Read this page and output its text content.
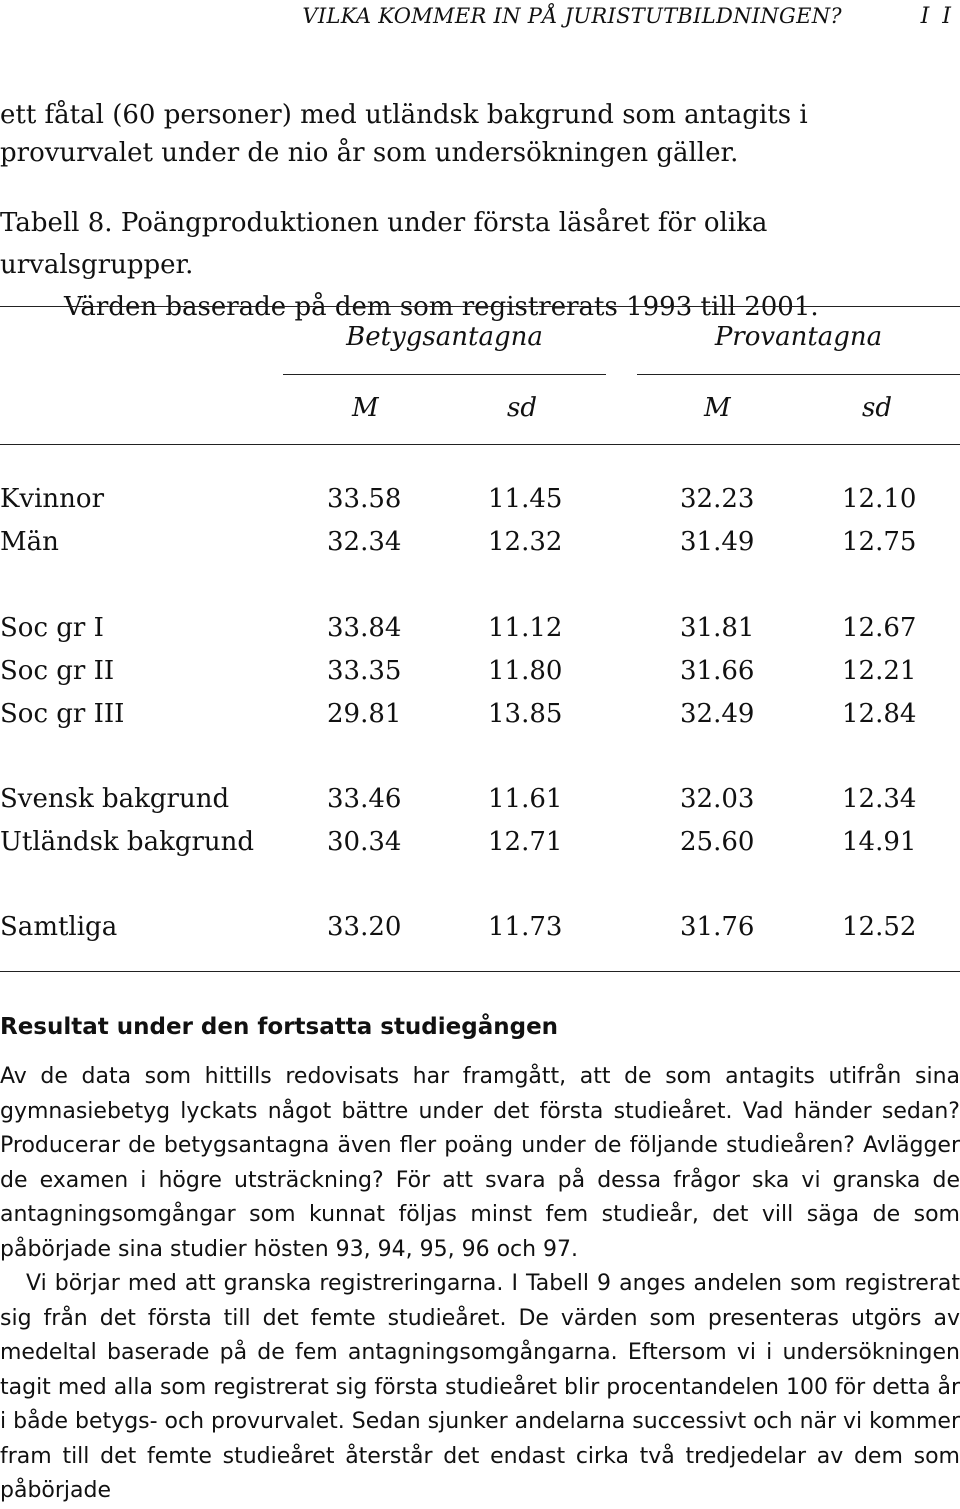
VILKA KOMMER IN PÅ JURISTUTBILDNINGEN?	I I
ett fåtal (60 personer) med utländsk bakgrund som antagits i provurvalet under de nio år som undersökningen gäller.
Tabell 8. Poängproduktionen under första läsåret för olika urvalsgrupper.
Värden baserade på dem som registrerats 1993 till 2001.
Betygsantagna	Provantagna
M	sd	M	sd
Kvinnor	33.58	11.45	32.23	12.10
Män	32.34	12.32	31.49	12.75
Soc gr I	33.84	11.12	31.81	12.67
Soc gr II	33.35	11.80	31.66	12.21
Soc gr III	29.81	13.85	32.49	12.84
Svensk bakgrund	33.46	11.61	32.03	12.34
Utländsk bakgrund	30.34	12.71	25.60	14.91
Samtliga	33.20	11.73	31.76	12.52
Resultat under den fortsatta studiegången

Av de data som hittills redovisats har framgått, att de som antagits utifrån sina gymnasiebetyg lyckats något bättre under det första studieåret. Vad händer sedan? Producerar de betygsantagna även fler poäng under de följande studieåren? Avlägger de examen i högre utsträckning? För att svara på dessa frågor ska vi granska de antagningsomgångar som kunnat följas minst fem studieår, det vill säga de som påbörjade sina studier hösten 93, 94, 95, 96 och 97.

Vi börjar med att granska registreringarna. I Tabell 9 anges andelen som registrerat sig från det första till det femte studieåret. De värden som presenteras utgörs av medeltal baserade på de fem antagningsomgångarna. Eftersom vi i undersökningen tagit med alla som registrerat sig första studieåret blir procentandelen 100 för detta år i både betygs- och provurvalet. Sedan sjunker andelarna successivt och när vi kommer fram till det femte studieåret återstår det endast cirka två tredjedelar av dem som påbörjade
